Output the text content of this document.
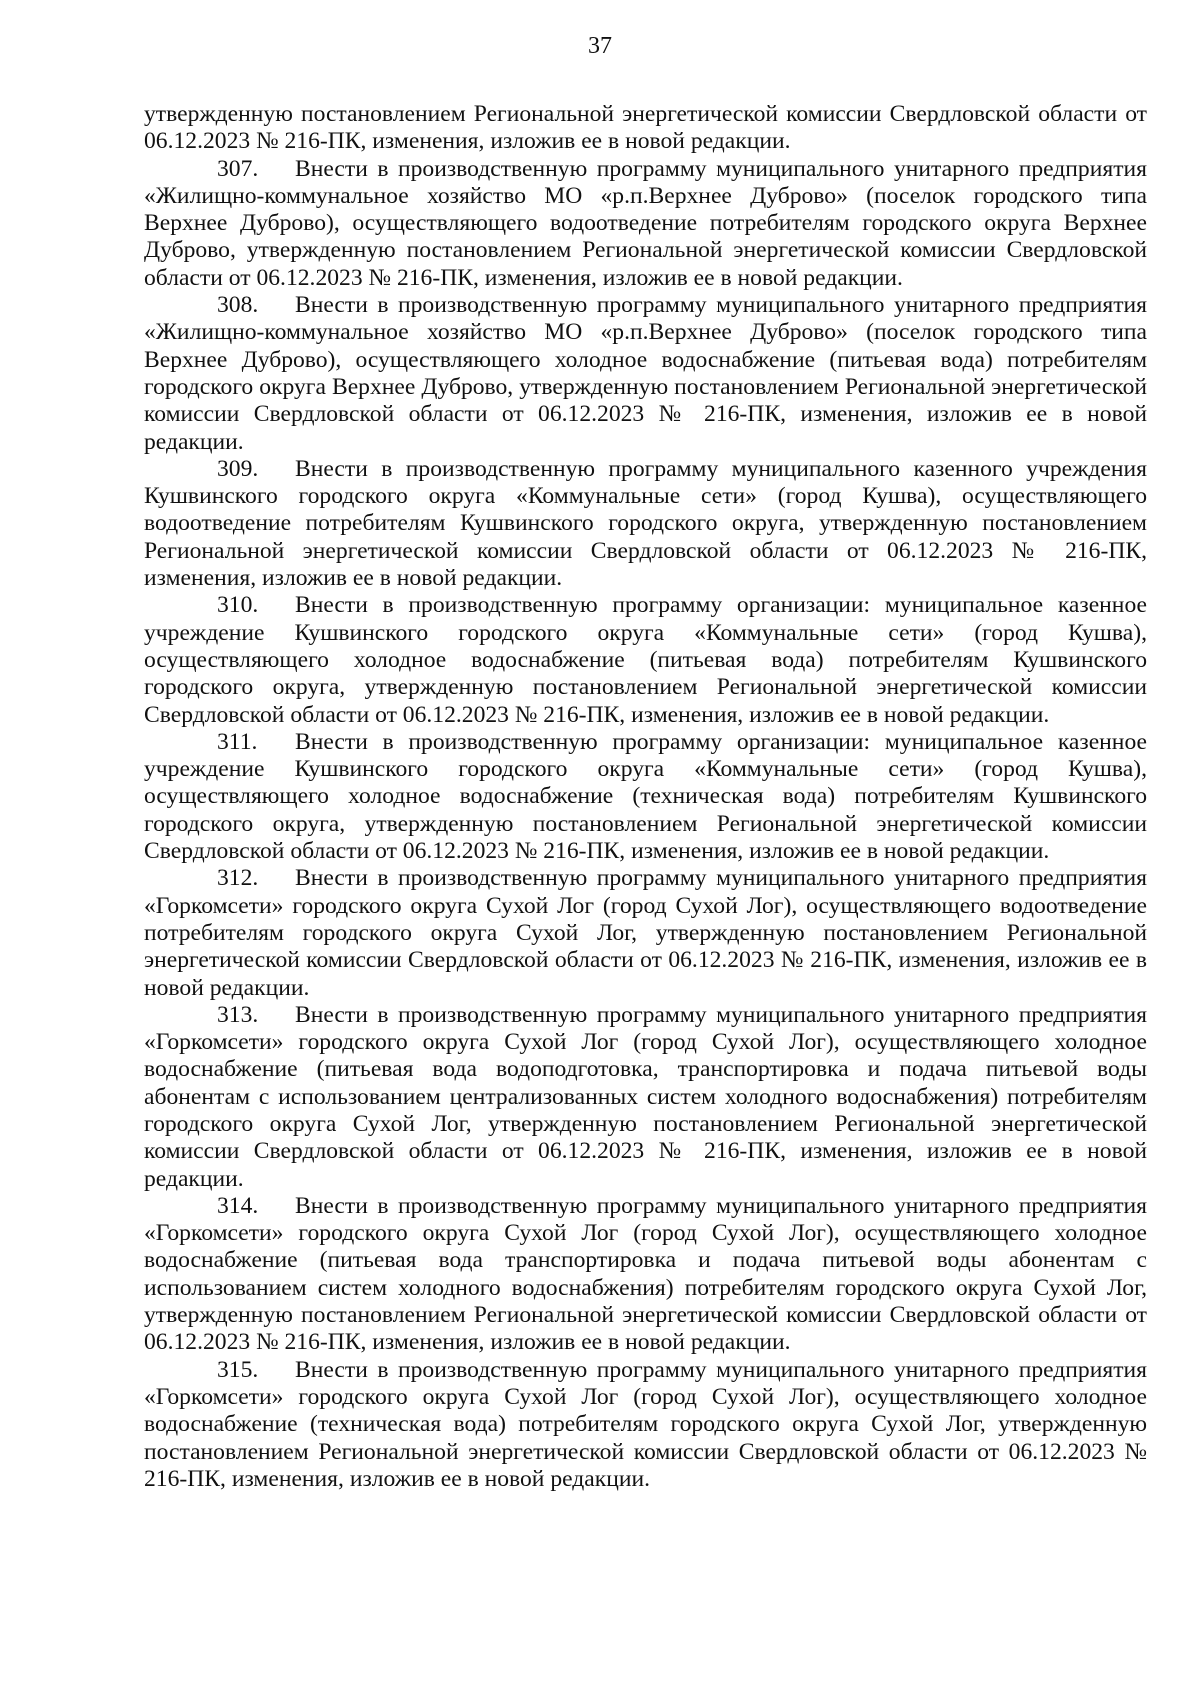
37

утвержденную постановлением Региональной энергетической комиссии Свердловской области от 06.12.2023 № 216-ПК, изменения, изложив ее в новой редакции.

307. Внести в производственную программу муниципального унитарного предприятия «Жилищно-коммунальное хозяйство МО «р.п.Верхнее Дуброво» (поселок городского типа Верхнее Дуброво), осуществляющего водоотведение потребителям городского округа Верхнее Дуброво, утвержденную постановлением Региональной энергетической комиссии Свердловской области от 06.12.2023 № 216-ПК, изменения, изложив ее в новой редакции.

308. Внести в производственную программу муниципального унитарного предприятия «Жилищно-коммунальное хозяйство МО «р.п.Верхнее Дуброво» (поселок городского типа Верхнее Дуброво), осуществляющего холодное водоснабжение (питьевая вода) потребителям городского округа Верхнее Дуброво, утвержденную постановлением Региональной энергетической комиссии Свердловской области от 06.12.2023 № 216-ПК, изменения, изложив ее в новой редакции.

309. Внести в производственную программу муниципального казенного учреждения Кушвинского городского округа «Коммунальные сети» (город Кушва), осуществляющего водоотведение потребителям Кушвинского городского округа, утвержденную постановлением Региональной энергетической комиссии Свердловской области от 06.12.2023 № 216-ПК, изменения, изложив ее в новой редакции.

310. Внести в производственную программу организации: муниципальное казенное учреждение Кушвинского городского округа «Коммунальные сети» (город Кушва), осуществляющего холодное водоснабжение (питьевая вода) потребителям Кушвинского городского округа, утвержденную постановлением Региональной энергетической комиссии Свердловской области от 06.12.2023 № 216-ПК, изменения, изложив ее в новой редакции.

311. Внести в производственную программу организации: муниципальное казенное учреждение Кушвинского городского округа «Коммунальные сети» (город Кушва), осуществляющего холодное водоснабжение (техническая вода) потребителям Кушвинского городского округа, утвержденную постановлением Региональной энергетической комиссии Свердловской области от 06.12.2023 № 216-ПК, изменения, изложив ее в новой редакции.

312. Внести в производственную программу муниципального унитарного предприятия «Горкомсети» городского округа Сухой Лог (город Сухой Лог), осуществляющего водоотведение потребителям городского округа Сухой Лог, утвержденную постановлением Региональной энергетической комиссии Свердловской области от 06.12.2023 № 216-ПК, изменения, изложив ее в новой редакции.

313. Внести в производственную программу муниципального унитарного предприятия «Горкомсети» городского округа Сухой Лог (город Сухой Лог), осуществляющего холодное водоснабжение (питьевая вода водоподготовка, транспортировка и подача питьевой воды абонентам с использованием централизованных систем холодного водоснабжения) потребителям городского округа Сухой Лог, утвержденную постановлением Региональной энергетической комиссии Свердловской области от 06.12.2023 № 216-ПК, изменения, изложив ее в новой редакции.

314. Внести в производственную программу муниципального унитарного предприятия «Горкомсети» городского округа Сухой Лог (город Сухой Лог), осуществляющего холодное водоснабжение (питьевая вода транспортировка и подача питьевой воды абонентам с использованием систем холодного водоснабжения) потребителям городского округа Сухой Лог, утвержденную постановлением Региональной энергетической комиссии Свердловской области от 06.12.2023 № 216-ПК, изменения, изложив ее в новой редакции.

315. Внести в производственную программу муниципального унитарного предприятия «Горкомсети» городского округа Сухой Лог (город Сухой Лог), осуществляющего холодное водоснабжение (техническая вода) потребителям городского округа Сухой Лог, утвержденную постановлением Региональной энергетической комиссии Свердловской области от 06.12.2023 № 216-ПК, изменения, изложив ее в новой редакции.
